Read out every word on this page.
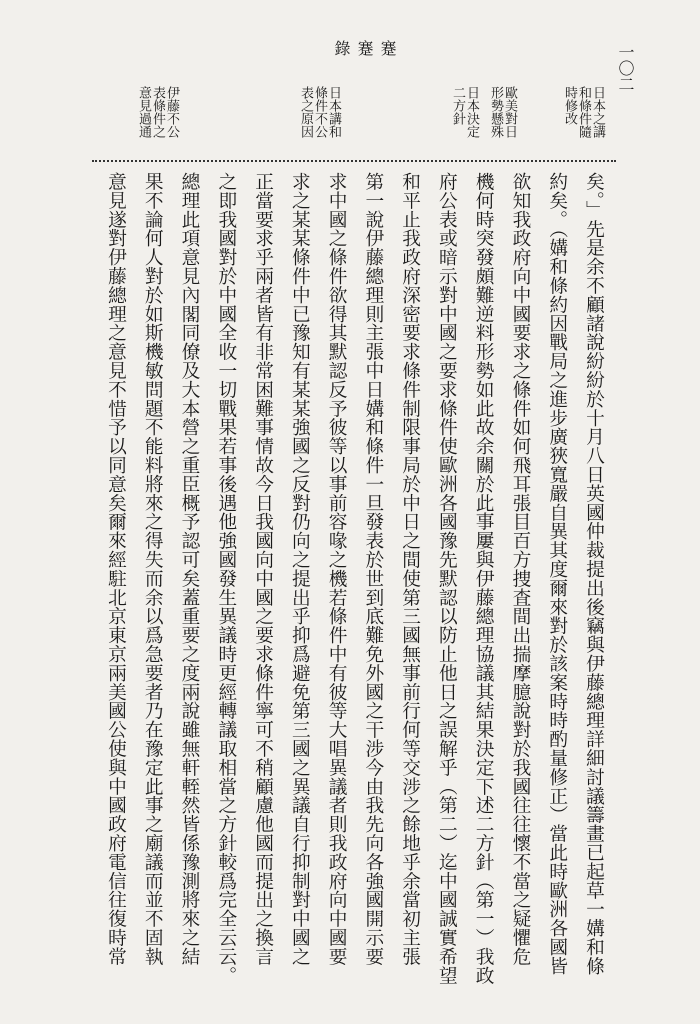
一〇二
蹇
蹇
錄
日本之講
和條件隨
時修改
歐美對日
形勢懸殊
日本決定
二方針
日本講和
條件不公
表之原因
伊藤不公
表條件之
意見過通
矣。」先是余不顧諸說紛紛於十月八日英國仲裁提出後竊與伊藤總理詳細討議籌畫已起草一媾和條
約矣。（媾和條約因戰局之進步廣狹寬嚴自異其度爾來對於該案時時酌量修正）當此時歐洲各國皆
欲知我政府向中國要求之條件如何飛耳張目百方捜査間出揣摩臆說對於我國往往懷不當之疑懼危
機何時突發頗難逆料形勢如此故余關於此事屢與伊藤總理協議其結果決定下述二方針（第一）我政
府公表或暗示對中國之要求條件使歐洲各國豫先默認以防止他日之誤解乎（第二）迄中國誠實希望
和平止我政府深密要求條件制限事局於中日之間使第三國無事前行何等交涉之餘地乎余當初主張
第一說伊藤總理則主張中日媾和條件一旦發表於世到底難免外國之干涉今由我先向各強國開示要
求中國之條件欲得其默認反予彼等以事前容喙之機若條件中有彼等大唱異議者則我政府向中國要
求之某某條件中已豫知有某某強國之反對仍向之提出乎抑爲避免第三國之異議自行抑制對中國之
正當要求乎兩者皆有非常困難事情故今日我國向中國之要求條件寧可不稍顧慮他國而提出之換言
之即我國對於中國全收一切戰果若事後遇他強國發生異議時更經轉議取相當之方針較爲完全云云。
總理此項意見內閣同僚及大本營之重臣概予認可矣蓋重要之度兩說雖無軒輊然皆係豫測將來之結
果不論何人對於如斯機敏問題不能料將來之得失而余以爲急要者乃在豫定此事之廟議而並不固執
意見遂對伊藤總理之意見不惜予以同意矣爾來經駐北京東京兩美國公使與中國政府電信往復時常
